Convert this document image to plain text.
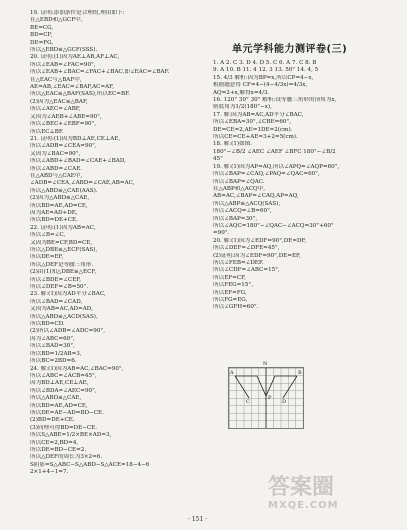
19. 证明:添加条件是合理的,理由如下:
在△EBD和△GCF中,
BE=CG,
BD=CF,
DE=FG,
所以△EBD≌△GCF(SSS).
20. 证明:(1)因为AE⊥AB,AF⊥AC,
所以∠EAB=∠FAC=90°,
所以∠EAB+∠BAC=∠FAC+∠BAC,即∠EAC=∠BAF.
在△EAC与△BAF中,
AE=AB,∠EAC=∠BAF,AC=AF,
所以△EAC≌△BAF(SAS),所以EC=BF.
(2)因为△EAC≌△BAF,
所以∠AEC=∠ABF,
又因为∠AEB+∠ABE=90°,
所以∠BEC+∠EBF=90°,
所以EC⊥BF.
21. 证明:(1)因为BD⊥AE,CE⊥AE,
所以∠ADB=∠CEA=90°,
又因为∠BAC=90°,
所以∠ABD+∠BAD=∠CAE+∠BAD,
所以∠ABD=∠CAE.
在△ABD与△CAE中,
∠ADB=∠CEA,∠ABD=∠CAE,AB=AC,
所以△ABD≌△CAE(AAS).
(2)因为△ABD≌△CAE,
所以BD=AE,AD=CE,
因为AE=AD+DE,
所以BD=DE+CE.
22. 证明:(1)因为AB=AC,
所以∠B=∠C,
又因为BE=CF,BD=CE,
所以△DBE≌△ECF(SAS),
所以DE=EF,
所以△DEF是等腰三角形.
(2)由(1)知△DBE≌△ECF,
所以∠BDE=∠CEF,
所以∠DEF=∠B=50°.
23. 解:(1)因为AD平分∠BAC,
所以∠BAD=∠CAD,
又因为AB=AC,AD=AD,
所以△ABD≌△ACD(SAS),
所以BD=CD.
(2)所以∠ADB=∠ADC=90°,
因为∠ABC=60°,
所以∠BAD=30°,
所以BD=1/2AB=3,
所以BC=2BD=6.
24. 解:(1)因为AB=AC,∠BAC=90°,
所以∠ABC=∠ACB=45°,
因为BD⊥AE,CE⊥AE,
所以∠BDA=∠AEC=90°,
所以△ABD≌△CAE,
所以BD=AE,AD=CE,
所以DE=AE−AD=BD−CE.
(2)BD=DE+CE.
(3)同理可得BD=DE−CE.
所以S△ABE=1/2×BE×AD=3,
所以CE=2,BD=4,
所以DE=BD−CE=2.
所以△DEF的周长为3×2=6.
S阴影=S△ABC−S△ABD−S△ACE=18−4−6
2×1+4−1=7.
单元学科能力测评卷(三)
1. A 2. C 3. D 4. D 5. C 6. A 7. C 8. B
9. A 10. B 11. 4 12. 3 13. 50° 14. 4, 5
15. 4/3 解析:因为BP=x,所以CP=4−x,
根据题意得 CF=4−(4−4/3x)=4/3x,
AQ=2+x,解得x=4/3.
16. 120° 30° 30° 解析:设等腰三角形的顶角为x,
则底角为1/2(180°−x),
17. 解:因为AB=AC,AD平分∠BAC,
所以∠EBA=30°,∠CBE=60°,
DE=CE=2,AE=1DE=2(cm).
所以CE=CE+AE=3+2=5(cm).
18. 解:(1)如图.
180°−∠B/2 ∠AEC ∠AEF ∠BFC 180°−∠B/2
45°
19. 解:(1)因为AP=AQ,所以∠APQ=∠AQP=60°,
所以∠BAP=∠CAQ,∠PAQ=∠QAC=60°,
所以∠BAP=∠QAC.
在△ABP和△ACQ中,
AB=AC,∠BAP=∠CAQ,AP=AQ,
所以△ABP≌△ACQ(SAS),
所以∠ACQ=∠B=60°,
所以∠BAP=30°,
所以∠AQC=180°−∠QAC−∠ACQ=30°+60°
=90°.
20. 解:(1)因为∠EDF=90°,DE=DF,
所以∠DEF=∠DFE=45°,
(2)证明:因为∠EDF=90°,DE=EF,
所以∠FEB=∠DEF.
所以∠CDF=∠ABC=15°,
所以EF=CF,
所以FEG=15°,
所以EF=FG,
所以FG=EG,
所以∠GFH=60°.
N
A	B
C	D
P
· 151 ·
答案圈
MXQE.COM
